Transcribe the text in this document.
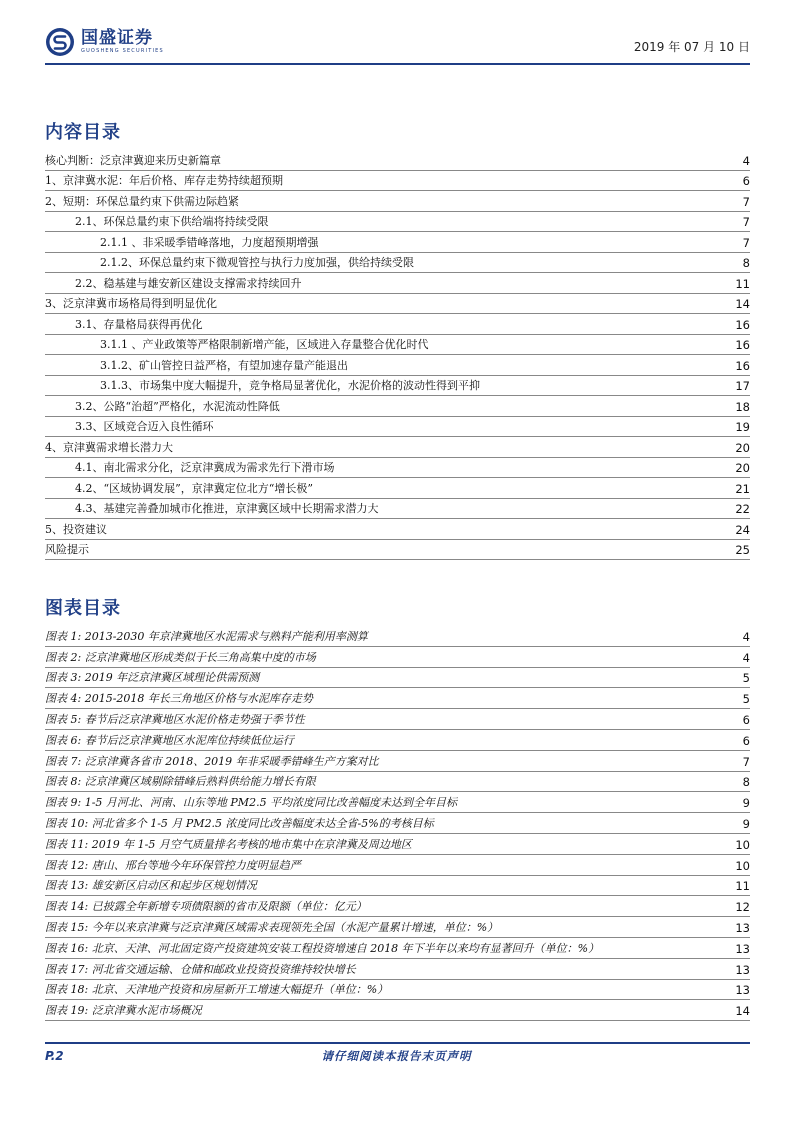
国盛证券
GUOSHENG SECURITIES	2019 年 07 月 10 日
内容目录
核心判断：泛京津冀迎来历史新篇章	4
1、京津冀水泥：年后价格、库存走势持续超预期	6
2、短期：环保总量约束下供需边际趋紧	7
2.1、环保总量约束下供给端将持续受限	7
2.1.1 、非采暖季错峰落地，力度超预期增强	7
2.1.2、环保总量约束下微观管控与执行力度加强，供给持续受限	8
2.2、稳基建与雄安新区建设支撑需求持续回升	11
3、泛京津冀市场格局得到明显优化	14
3.1、存量格局获得再优化	16
3.1.1 、产业政策等严格限制新增产能，区域进入存量整合优化时代	16
3.1.2、矿山管控日益严格，有望加速存量产能退出	16
3.1.3、市场集中度大幅提升，竞争格局显著优化，水泥价格的波动性得到平抑	17
3.2、公路“治超”严格化，水泥流动性降低	18
3.3、区域竞合迈入良性循环	19
4、京津冀需求增长潜力大	20
4.1、南北需求分化，泛京津冀成为需求先行下滑市场	20
4.2、“区域协调发展”，京津冀定位北方“增长极”	21
4.3、基建完善叠加城市化推进，京津冀区域中长期需求潜力大	22
5、投资建议	24
风险提示	25
图表目录
图表 1: 2013-2030 年京津冀地区水泥需求与熟料产能利用率测算	4
图表 2: 泛京津冀地区形成类似于长三角高集中度的市场	4
图表 3: 2019 年泛京津冀区域理论供需预测	5
图表 4: 2015-2018 年长三角地区价格与水泥库存走势	5
图表 5: 春节后泛京津冀地区水泥价格走势强于季节性	6
图表 6: 春节后泛京津冀地区水泥库位持续低位运行	6
图表 7: 泛京津冀各省市 2018、2019 年非采暖季错峰生产方案对比	7
图表 8: 泛京津冀区域剔除错峰后熟料供给能力增长有限	8
图表 9: 1-5 月河北、河南、山东等地 PM2.5 平均浓度同比改善幅度未达到全年目标	9
图表 10: 河北省多个 1-5 月 PM2.5 浓度同比改善幅度未达全省-5%的考核目标	9
图表 11: 2019 年 1-5 月空气质量排名考核的地市集中在京津冀及周边地区	10
图表 12: 唐山、邢台等地今年环保管控力度明显趋严	10
图表 13: 雄安新区启动区和起步区规划情况	11
图表 14: 已披露全年新增专项债限额的省市及限额（单位：亿元）	12
图表 15: 今年以来京津冀与泛京津冀区域需求表现领先全国（水泥产量累计增速，单位：%）	13
图表 16: 北京、天津、河北固定资产投资建筑安装工程投资增速自 2018 年下半年以来均有显著回升（单位：%）	13
图表 17: 河北省交通运输、仓储和邮政业投资投资维持较快增长	13
图表 18: 北京、天津地产投资和房屋新开工增速大幅提升（单位：%）	13
图表 19: 泛京津冀水泥市场概况	14
P.2	请仔细阅读本报告末页声明
